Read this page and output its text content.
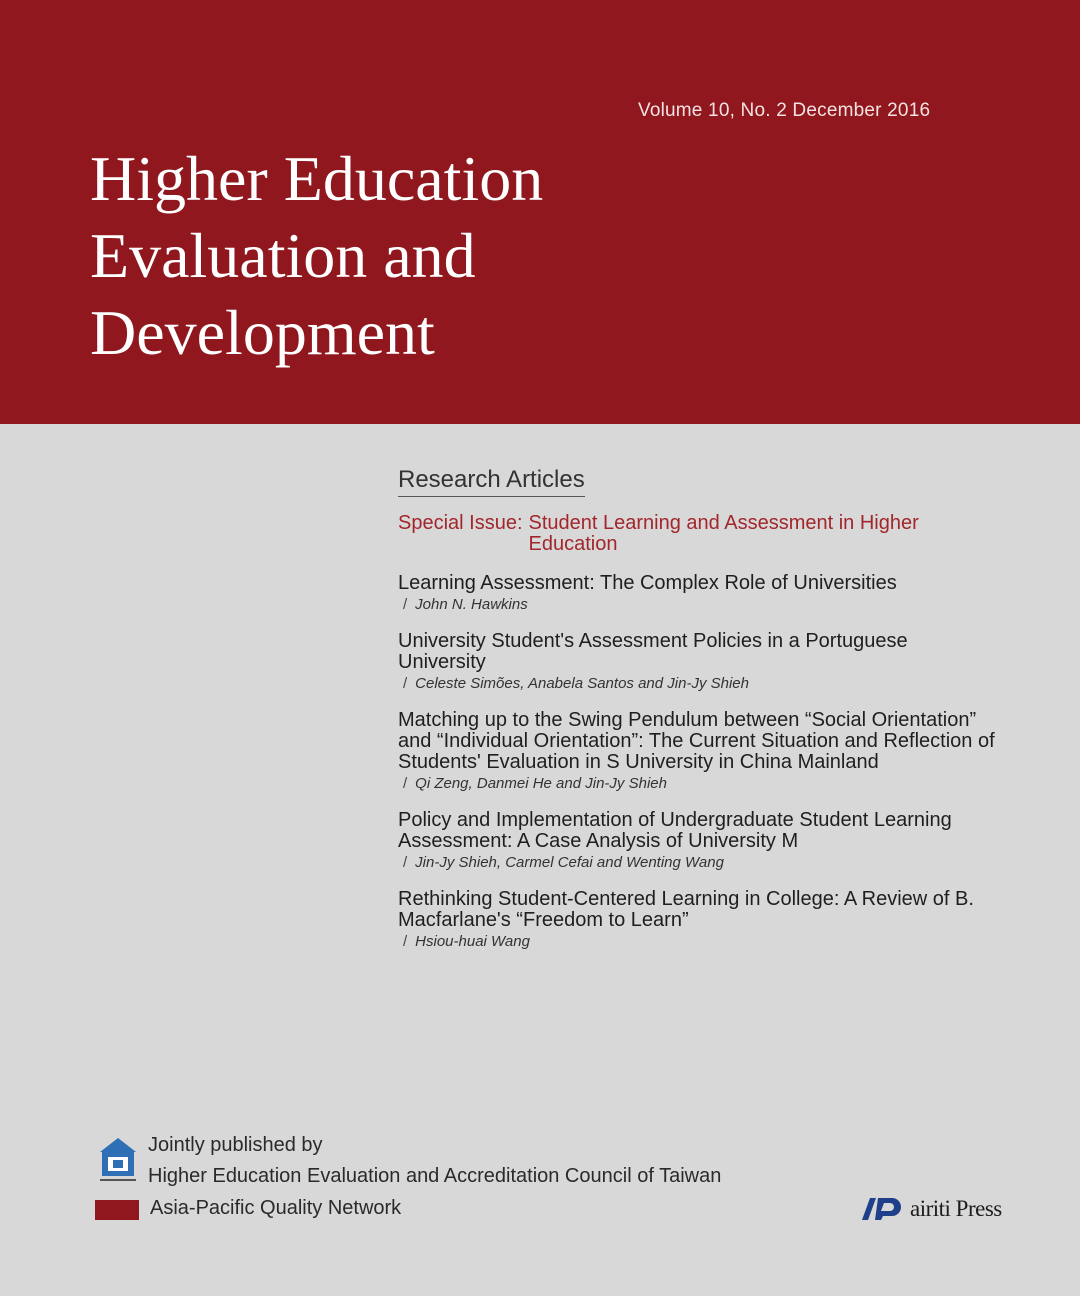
Volume 10, No. 2 December 2016
Higher Education
Evaluation and
Development
Research Articles
Special Issue: Student Learning and Assessment in Higher Education
Learning Assessment: The Complex Role of Universities
/ John N. Hawkins
University Student's Assessment Policies in a Portuguese University
/ Celeste Simões, Anabela Santos and Jin-Jy Shieh
Matching up to the Swing Pendulum between “Social Orientation” and “Individual Orientation”: The Current Situation and Reflection of Students' Evaluation in S University in China Mainland
/ Qi Zeng, Danmei He and Jin-Jy Shieh
Policy and Implementation of Undergraduate Student Learning Assessment: A Case Analysis of University M
/ Jin-Jy Shieh, Carmel Cefai and Wenting Wang
Rethinking Student-Centered Learning in College: A Review of B. Macfarlane's “Freedom to Learn”
/ Hsiou-huai Wang
Jointly published by
Higher Education Evaluation and Accreditation Council of Taiwan
Asia-Pacific Quality Network	airiti Press
